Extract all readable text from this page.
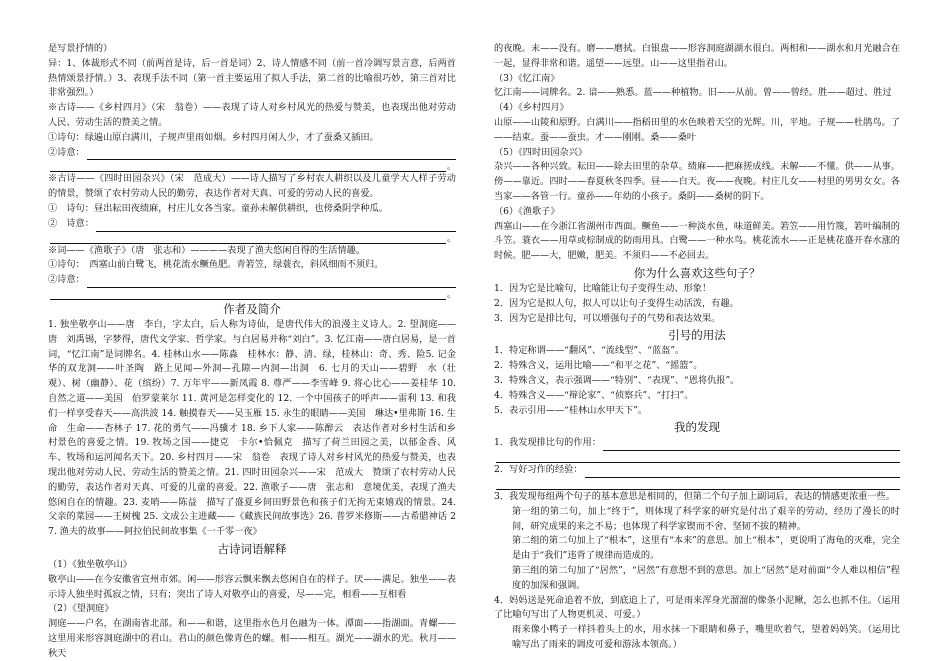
是写景抒情的）

异：1、体裁形式不同（前两首是诗，后一首是词）2、诗人情感不同（前一首冷调写景言意，后两首热情颂景抒情。）3、表现手法不同（第一首主要运用了拟人手法，第二首的比喻很巧妙，第三首对比非常强烈。）

※古诗——《乡村四月》（宋　翁卷）——表现了诗人对乡村风光的热爱与赞美，也表现出他对劳动人民、劳动生活的赞美之情。

①诗句：绿遍山原白满川，子规声里雨如烟。乡村四月闲人少，才了蚕桑又插田。

②诗意：
。

※古诗——《四时田园杂兴》（宋　范成大）——诗人描写了乡村农人耕织以及儿童学大人样子劳动的情景，赞颂了农村劳动人民的勤劳，表达作者对天真、可爱的劳动人民的喜爱。

①　诗句：昼出耘田夜绩麻，村庄儿女各当家。童孙未解供耕织，也傍桑阴学种瓜。

②　诗意：
。

※词——《渔歌子》（唐　张志和）————表现了渔夫悠闲自得的生活情趣。

①诗句：　西塞山前白鹭飞，桃花流水鳜鱼肥。青箬笠，绿蓑衣，斜风细雨不须归。

②诗意：
。
作者及简介

1. 独坐敬亭山——唐　李白，字太白，后人称为诗仙，是唐代伟大的浪漫主义诗人。2. 望洞庭——唐　刘禹锡，字梦得，唐代文学家、哲学家。与白居易并称“刘白”。3. 忆江南——唐白居易，是一首词，“忆江南”是词牌名。4. 桂林山水——陈淼　桂林水：静、清、绿，桂林山：奇、秀、险5. 记金华的双龙洞——叶圣陶　路上见闻—外洞—孔隙—内洞—出洞　6. 七月的天山——碧野　水（壮观）、树（幽静）、花（缤纷）7. 万年牢——新凤霞 8. 尊严——李雪峰 9. 将心比心——姜桂华 10. 自然之道——美国　伯罗蒙莱尔 11. 黄河是怎样变化的 12. 一个中国孩子的呼声——雷利 13. 和我们一样享受春天——高洪波 14. 触摸春天——吴玉雁 15. 永生的眼睛——美国　琳达•里弗斯 16. 生命　生命——杏林子 17. 花的勇气——冯骥才 18. 乡下人家——陈醉云　表达作者对乡村生活和乡村景色的喜爱之情。19. 牧场之国——捷克　卡尔•恰佩克　描写了荷兰田园之美，以郁金香、风车、牧场和运河闻名天下。20. 乡村四月——宋　翁卷　表现了诗人对乡村风光的热爱与赞美，也表现出他对劳动人民、劳动生活的赞美之情。21. 四时田园杂兴——宋　范成大　赞颂了农村劳动人民的勤劳，表达作者对天真、可爱的儿童的喜爱。22. 渔歌子——唐　张志和　意境优美，表现了渔夫悠闲自在的情趣。23. 麦哨——陈益　描写了盛夏乡间田野景色和孩子们无拘无束嬉戏的情景。24. 父亲的菜园——王树槐 25. 文成公主进藏——《藏族民间故事选》26. 普罗米修斯——古希腊神话 27. 渔夫的故事——阿拉伯民间故事集《一千零一夜》

古诗词语解释

（1）《独坐敬亭山》

敬亭山——在今安徽省宣州市郊。闲——形容云飘来飘去悠闲自在的样子。厌——满足。独坐——表示诗人独坐时孤寂之情，只有；突出了诗人对敬亭山的喜爱，尽——完，相看——互相看

（2）《望洞庭》

洞庭——户名，在湖南省北部。和——和谐，这里指水色月色融为一体。潭面——指湖面。青螺——这里用来形容洞庭湖中的君山。君山的颜色像青色的螺。相——相互。湖光——湖水的光。秋月——秋天

的夜晚。未——没有。磨——磨拭。白银盘——形容洞庭湖湖水很白。两相和——湖水和月光融合在一起，显得非常和谐。遥望——远望。山——这里指君山。

（3）《忆江南》

忆江南——词牌名。2. 谙——熟悉。蓝——种植物。旧——从前。曾——曾经。胜——超过、胜过

（4）《乡村四月》

山原——山陵和原野。白满川——指稻田里的水色映着天空的光辉。川，平地。子规——杜鹃鸟。了——结束。蚕——蚕虫。才——刚刚。桑——桑叶

（5）《四时田园杂兴》

杂兴——各种兴致。耘田——除去田里的杂草。绩麻——把麻搓成线。未解——不懂。供——从事。傍——靠近。四时——春夏秋冬四季。昼——白天。夜——夜晚。村庄儿女——村里的男男女女。各当家——各管一行。童孙——年幼的小孩子。桑阴——桑树的阴下。

（6）《渔歌子》

西塞山——在今浙江省湖州市西面。鳜鱼——一种淡水鱼，味道鲜美。箬笠——用竹篾，箬叶编制的斗笠。蓑衣——用草或棕制成的防雨用具。白鹭——一种水鸟。桃花流水——正是桃花盛开春水涨的时候。肥——大，肥嫩，肥美。不须归——不必回去。

你为什么喜欢这些句子？

1．因为它是比喻句，比喻能让句子变得生动、形象！

2．因为它是拟人句，拟人可以让句子变得生动活泼，有趣。

3．因为它是排比句，可以增强句子的气势和表达效果。

引号的用法

1．特定称谓——“翻风”、“流线型”、“蓝盔”。

2．特殊含义，运用比喻——“和平之花”、“摇篮”。

3．特殊含义，表示强调——“特别”、“表现”、“恩将仇报”。

4．特殊含义——“辩论家”、“侦察兵”、“打扫”。

5．表示引用——“桂林山水甲天下”。

我的发现
1．我发现排比句的作用：
2．写好习作的经验：

3．我发现每组两个句子的基本意思是相同的，但第二个句子加上副词后，表达的情感更浓重一些。

第一组的第二句，加上“终于”，则体现了科学家的研究是付出了艰辛的劳动，经历了漫长的时间，研究成果的来之不易；也体现了科学家锲而不舍、坚韧不拔的精神。

第二组的第二句加上了“根本”，这里有“本来”的意思。加上“根本”，更说明了海龟的灭难，完全是由于“我们”违背了规律而造成的。

第三组的第二句加了“居然”，“居然”有意想不到的意思。加上“居然”是对前面“令人难以相信”程度的加深和强调。

4．妈妈送是死命追着不放，到底追上了，可是雨来浑身光溜溜的像条小泥鳅，怎么也抓不住。（运用了比喻句写出了人物更机灵、可爱。）

雨来像小鸭子一样抖着头上的水，用水抹一下眼睛和鼻子，嘴里吹着气，望着妈妈笑。（运用比喻写出了雨来的调皮可爱和游泳本领高。）
